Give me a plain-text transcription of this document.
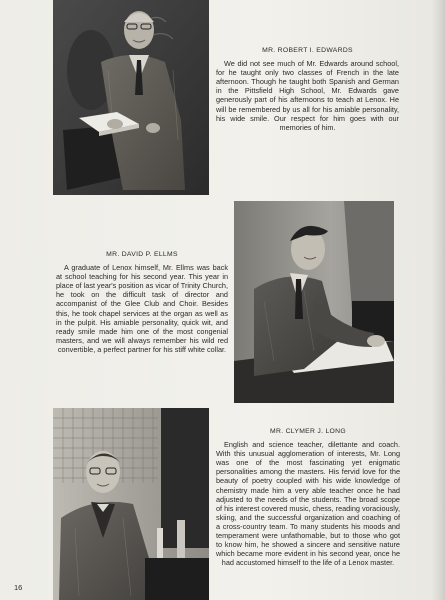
MR. ROBERT I. EDWARDS

We did not see much of Mr. Edwards around school, for he taught only two classes of French in the late afternoon. Though he taught both Spanish and German in the Pittsfield High School, Mr. Edwards gave generously part of his afternoons to teach at Lenox. He will be remembered by us all for his amiable personality, his wide smile. Our respect for him goes with our memories of him.

MR. DAVID P. ELLMS

A graduate of Lenox himself, Mr. Ellms was back at school teaching for his second year. This year in place of last year's position as vicar of Trinity Church, he took on the difficult task of director and accompanist of the Glee Club and Choir. Besides this, he took chapel services at the organ as well as in the pulpit. His amiable personality, quick wit, and ready smile made him one of the most congenial masters, and we will always remember his wild red convertible, a perfect partner for his stiff white collar.

MR. CLYMER J. LONG

English and science teacher, dilettante and coach. With this unusual agglomeration of interests, Mr. Long was one of the most fascinating yet enigmatic personalities among the masters. His fervid love for the beauty of poetry coupled with his wide knowledge of chemistry made him a very able teacher once he had adjusted to the needs of the students. The broad scope of his interest covered music, chess, reading voraciously, skiing, and the successful organization and coaching of a cross-country team. To many students his moods and temperament were unfathomable, but to those who got to know him, he showed a sincere and sensitive nature which became more evident in his second year, once he had accustomed himself to the life of a Lenox master.

16
